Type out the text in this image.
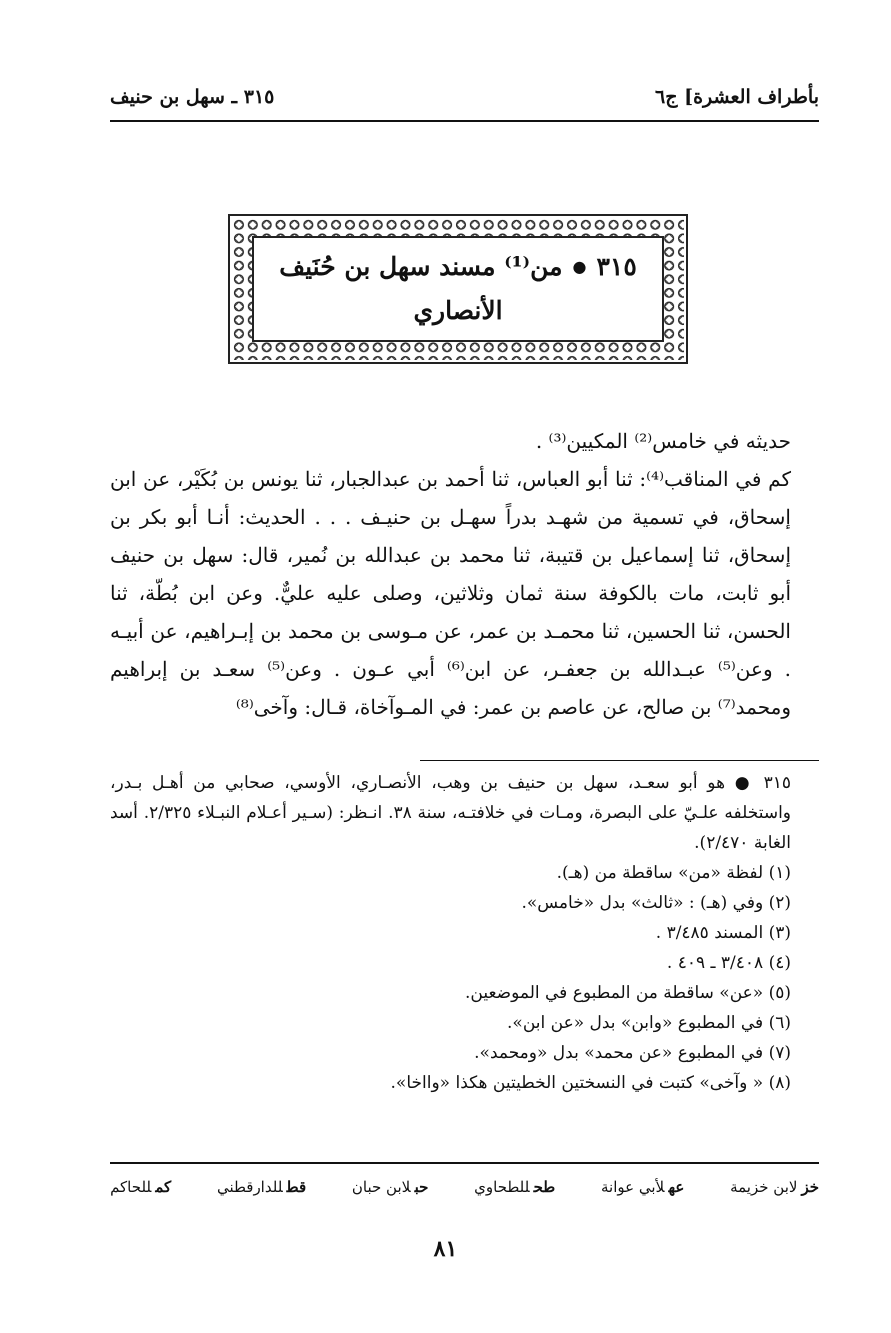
بأطراف العشرة] ج٦
٣١٥ ـ سهل بن حنيف
٣١٥
●
من⁽¹⁾ مسند سهل بن حُنَيف
الأنصاري

حديثه في خامس⁽²⁾ المكيين⁽³⁾ .

كم في المناقب⁽⁴⁾: ثنا أبو العباس، ثنا أحمد بن عبدالجبار، ثنا يونس بن بُكَيْر، عن ابن إسحاق، في تسمية من شهـد بدراً سهـل بن حنيـف . . . الحديث: أنـا أبو بكر بن إسحاق، ثنا إسماعيل بن قتيبة، ثنا محمد بن عبدالله بن نُمير، قال: سهل بن حنيف أبو ثابت، مات بالكوفة سنة ثمان وثلاثين، وصلى عليه عليٌّ. وعن ابن بُطّة، ثنا الحسن، ثنا الحسين، ثنا محمـد بن عمر، عن مـوسى بن محمد بن إبـراهيم، عن أبيـه . وعن⁽⁵⁾ عبـدالله بن جعفـر، عن ابن⁽⁶⁾ أبي عـون . وعن⁽⁵⁾ سعـد بن إبراهيم ومحمد⁽⁷⁾ بن صالح، عن عاصم بن عمر: في المـوآخاة، قـال: وآخى⁽⁸⁾

٣١٥ ● هو أبو سعـد، سهل بن حنيف بن وهب، الأنصـاري، الأوسي، صحابي من أهـل بـدر، واستخلفه علـيّ على البصرة، ومـات في خلافتـه، سنة ٣٨. انـظر: (سـير أعـلام النبـلاء ٢/٣٢٥. أسد الغابة ٢/٤٧٠).

(١) لفظة «من» ساقطة من (هـ).

(٢) وفي (هـ) : «ثالث» بدل «خامس».

(٣) المسند ٣/٤٨٥ .

(٤) ٣/٤٠٨ ـ ٤٠٩ .

(٥) «عن» ساقطة من المطبوع في الموضعين.

(٦) في المطبوع «وابن» بدل «عن ابن».

(٧) في المطبوع «عن محمد» بدل «ومحمد».

(٨) « وآخى» كتبت في النسختين الخطيتين هكذا «وااخا».

خزلابن خزيمة
عهلأبي عوانة
طحللطحاوي
حبلابن حبان
قطللدارقطني
كمللحاكم
٨١
